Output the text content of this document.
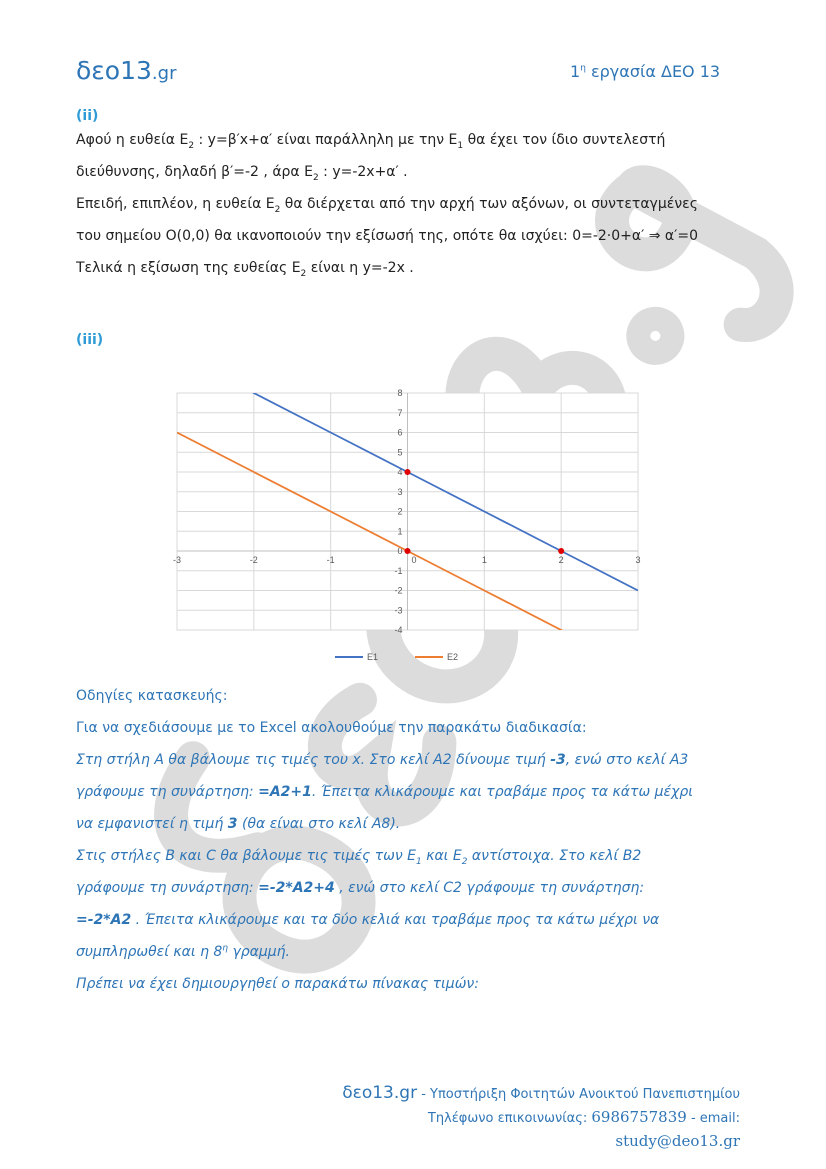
δεο13.gr	$1^\eta$ εργασία ΔΕΟ 13
(ii)
Αφού η ευθεία $E_2$ : y=β′x+α′ είναι παράλληλη με την $E_1$ θα έχει τον ίδιο συντελεστή
διεύθυνσης, δηλαδή β′=-2 , άρα $E_2$ : y=-2x+α′ .
Επειδή, επιπλέον, η ευθεία $E_2$ θα διέρχεται από την αρχή των αξόνων, οι συντεταγμένες
του σημείου O(0,0) θα ικανοποιούν την εξίσωσή της, οπότε θα ισχύει: 0=-2·0+α′ ⇒ α′=0
Τελικά η εξίσωση της ευθείας $E_2$ είναι η y=-2x .
(iii)
-3	-2	-1	0	1	2	3
8
7
6
5
4
3
2
1
0
-1
-2
-3
-4
E1	E2
Οδηγίες κατασκευής:
Για να σχεδιάσουμε με το Excel ακολουθούμε την παρακάτω διαδικασία:
Στη στήλη A θα βάλουμε τις τιμές του x. Στο κελί A2 δίνουμε τιμή -3, ενώ στο κελί A3
γράφουμε τη συνάρτηση: =A2+1. Έπειτα κλικάρουμε και τραβάμε προς τα κάτω μέχρι
να εμφανιστεί η τιμή 3 (θα είναι στο κελί A8).
Στις στήλες B και C θα βάλουμε τις τιμές των $E_1$ και $E_2$ αντίστοιχα. Στο κελί B2
γράφουμε τη συνάρτηση: =-2*A2+4 , ενώ στο κελί C2 γράφουμε τη συνάρτηση:
=-2*A2 . Έπειτα κλικάρουμε και τα δύο κελιά και τραβάμε προς τα κάτω μέχρι να
συμπληρωθεί και η $8^\eta$ γραμμή.
Πρέπει να έχει δημιουργηθεί ο παρακάτω πίνακας τιμών:
δεο13.gr - Υποστήριξη Φοιτητών Ανοικτού Πανεπιστημίου
Τηλέφωνο επικοινωνίας: 6986757839 - email: study@deo13.gr
